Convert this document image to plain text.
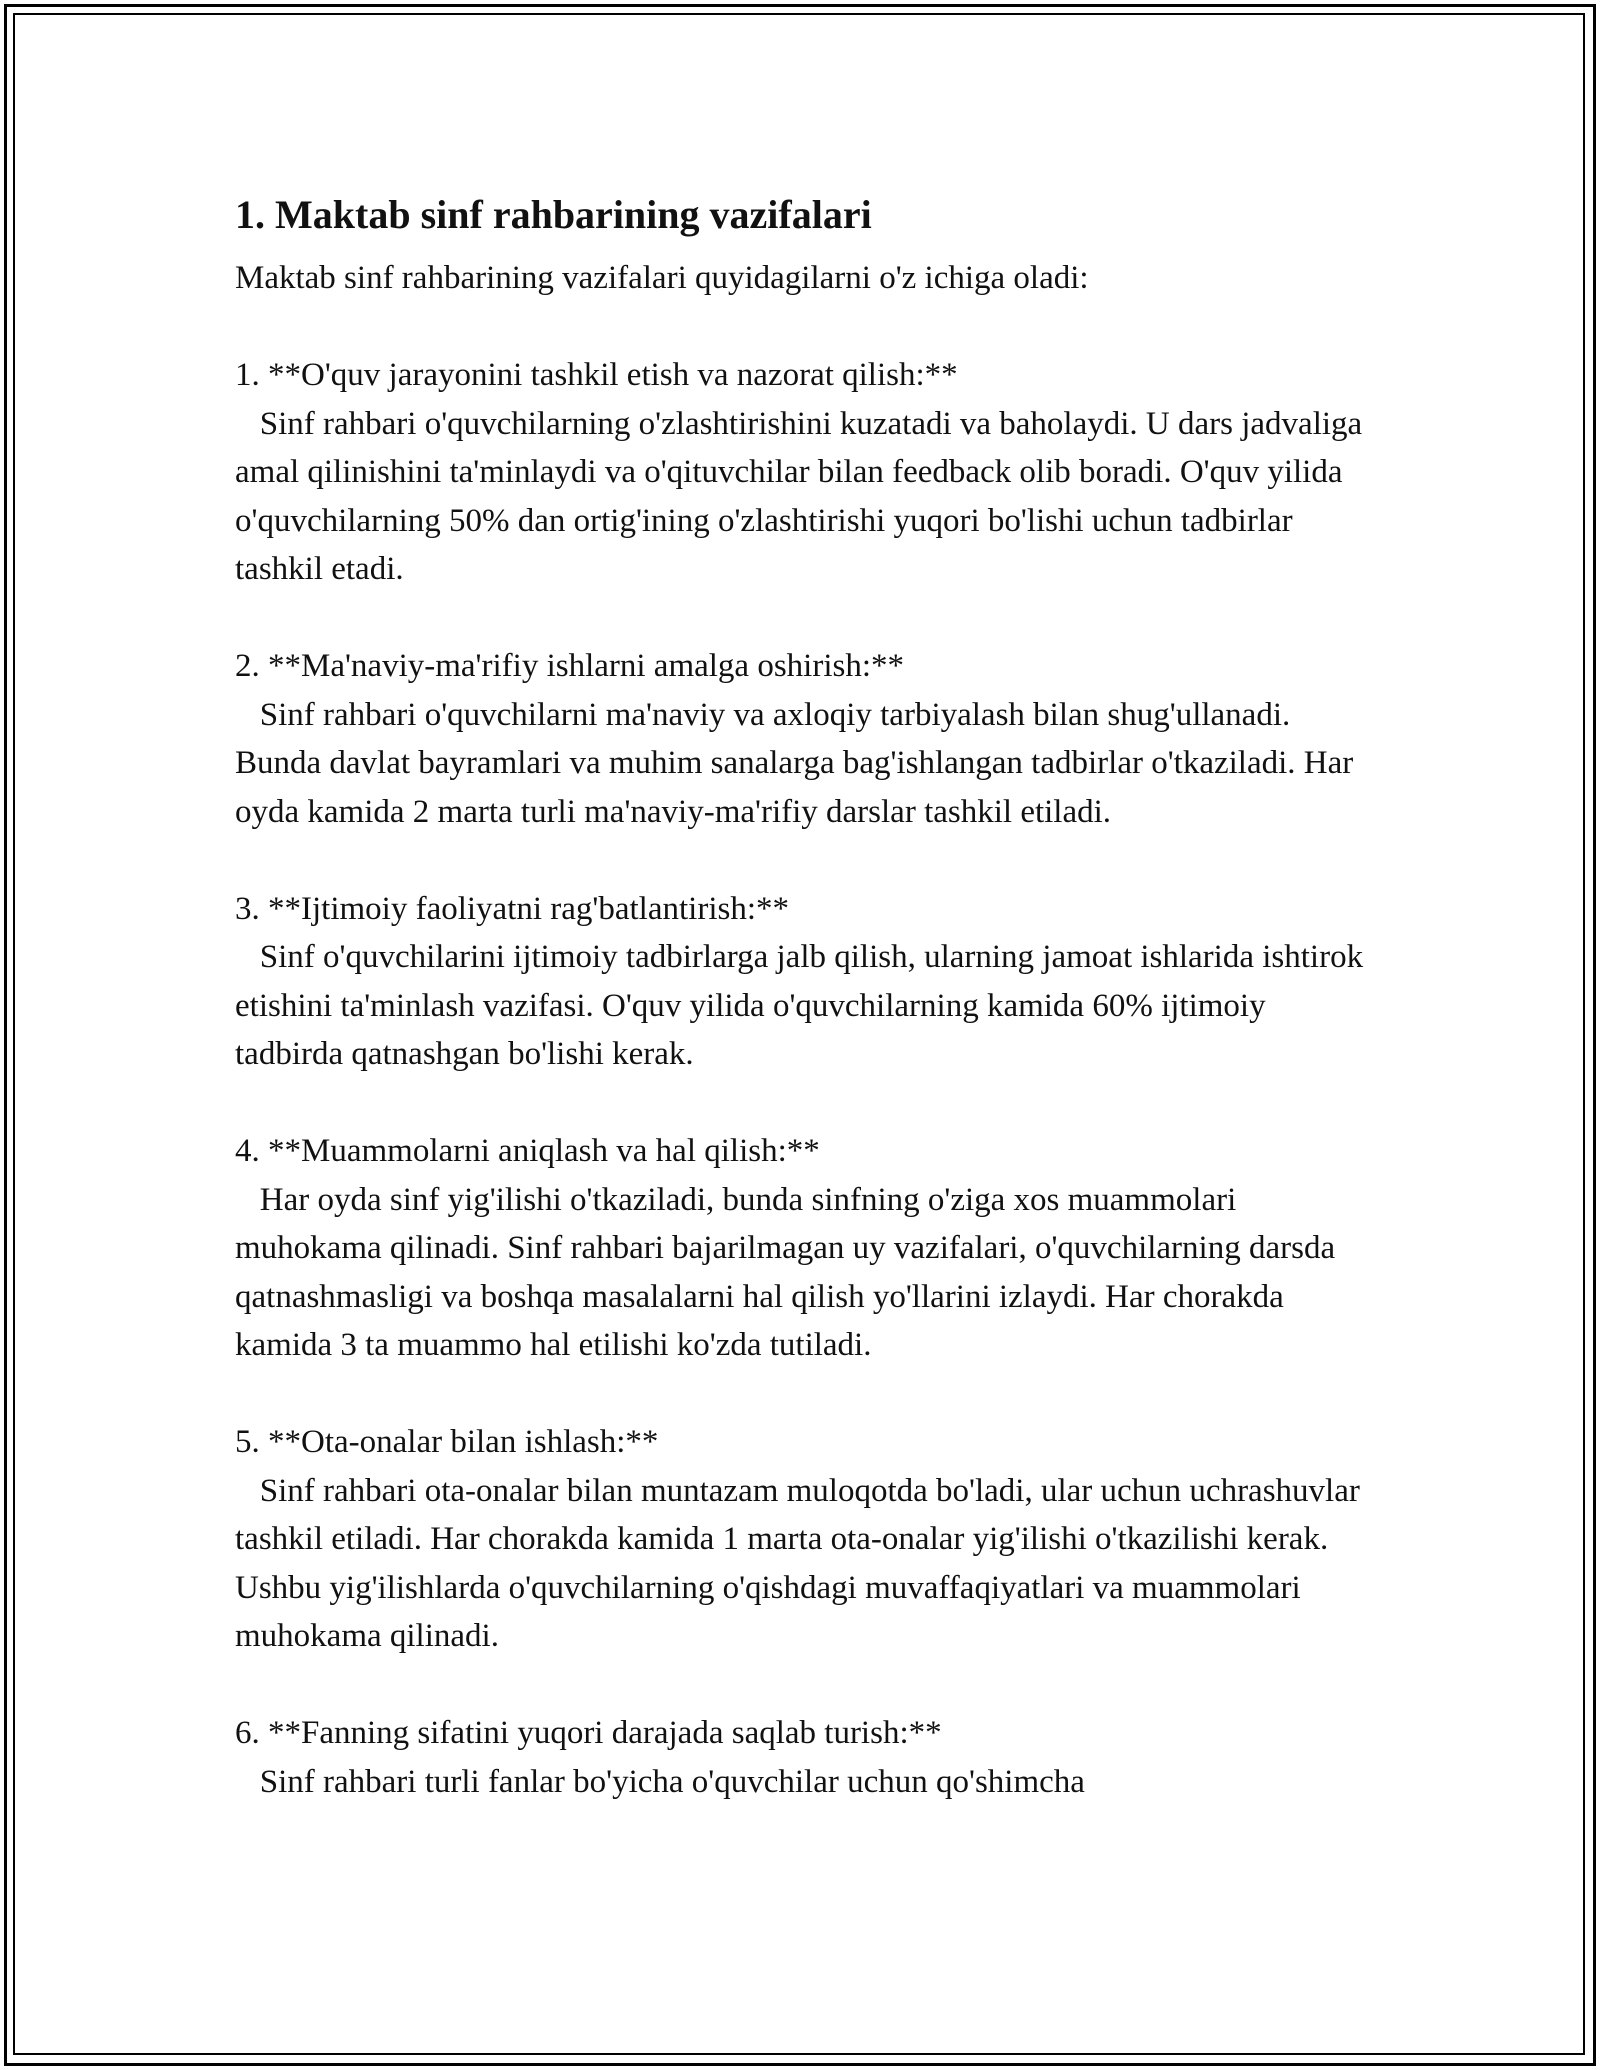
1. Maktab sinf rahbarining vazifalari

Maktab sinf rahbarining vazifalari quyidagilarni o'z ichiga oladi:

1. **O'quv jarayonini tashkil etish va nazorat qilish:**

Sinf rahbari o'quvchilarning o'zlashtirishini kuzatadi va baholaydi. U dars jadvaliga amal qilinishini ta'minlaydi va o'qituvchilar bilan feedback olib boradi. O'quv yilida o'quvchilarning 50% dan ortig'ining o'zlashtirishi yuqori bo'lishi uchun tadbirlar tashkil etadi.

2. **Ma'naviy-ma'rifiy ishlarni amalga oshirish:**

Sinf rahbari o'quvchilarni ma'naviy va axloqiy tarbiyalash bilan shug'ullanadi. Bunda davlat bayramlari va muhim sanalarga bag'ishlangan tadbirlar o'tkaziladi. Har oyda kamida 2 marta turli ma'naviy-ma'rifiy darslar tashkil etiladi.

3. **Ijtimoiy faoliyatni rag'batlantirish:**

Sinf o'quvchilarini ijtimoiy tadbirlarga jalb qilish, ularning jamoat ishlarida ishtirok etishini ta'minlash vazifasi. O'quv yilida o'quvchilarning kamida 60% ijtimoiy tadbirda qatnashgan bo'lishi kerak.

4. **Muammolarni aniqlash va hal qilish:**

Har oyda sinf yig'ilishi o'tkaziladi, bunda sinfning o'ziga xos muammolari muhokama qilinadi. Sinf rahbari bajarilmagan uy vazifalari, o'quvchilarning darsda qatnashmasligi va boshqa masalalarni hal qilish yo'llarini izlaydi. Har chorakda kamida 3 ta muammo hal etilishi ko'zda tutiladi.

5. **Ota-onalar bilan ishlash:**

Sinf rahbari ota-onalar bilan muntazam muloqotda bo'ladi, ular uchun uchrashuvlar tashkil etiladi. Har chorakda kamida 1 marta ota-onalar yig'ilishi o'tkazilishi kerak. Ushbu yig'ilishlarda o'quvchilarning o'qishdagi muvaffaqiyatlari va muammolari muhokama qilinadi.

6. **Fanning sifatini yuqori darajada saqlab turish:**

Sinf rahbari turli fanlar bo'yicha o'quvchilar uchun qo'shimcha
